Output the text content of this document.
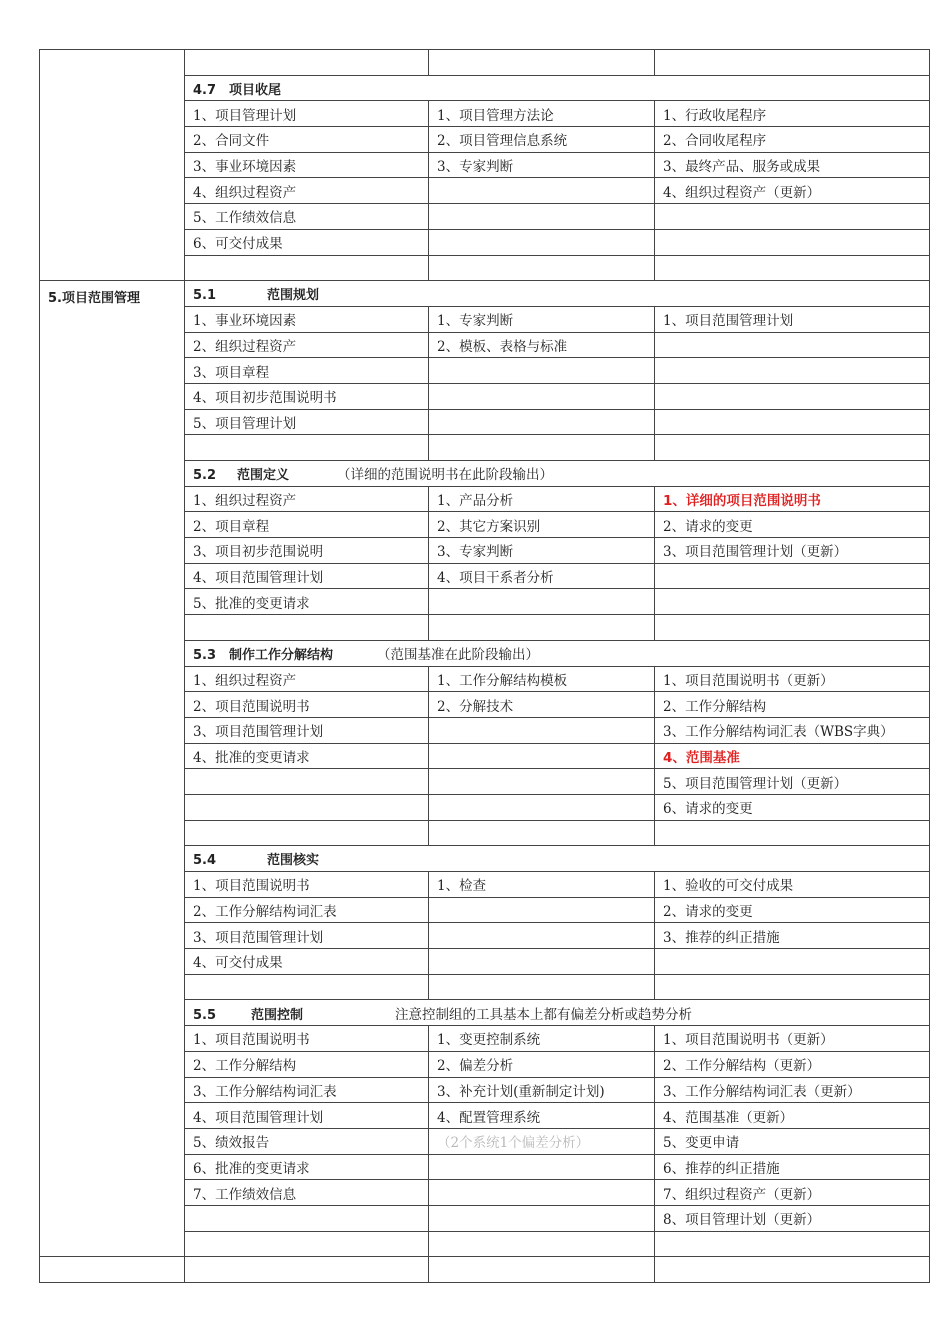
	4.7 项目收尾		
	1、项目管理计划	1、项目管理方法论	1、行政收尾程序
	2、合同文件	2、项目管理信息系统	2、合同收尾程序
	3、事业环境因素	3、专家判断	3、最终产品、服务或成果
	4、组织过程资产		4、组织过程资产（更新）
	5、工作绩效信息		
	6、可交付成果		

5.项目范围管理	5.1 范围规划		
	1、事业环境因素	1、专家判断	1、项目范围管理计划
	2、组织过程资产	2、模板、表格与标准	
	3、项目章程		
	4、项目初步范围说明书		
	5、项目管理计划		

	5.2 范围定义 （详细的范围说明书在此阶段输出）		
	1、组织过程资产	1、产品分析	1、详细的项目范围说明书
	2、项目章程	2、其它方案识别	2、请求的变更
	3、项目初步范围说明	3、专家判断	3、项目范围管理计划（更新）
	4、项目范围管理计划	4、项目干系者分析	
	5、批准的变更请求		

	5.3 制作工作分解结构 （范围基准在此阶段输出）		
	1、组织过程资产	1、工作分解结构模板	1、项目范围说明书（更新）
	2、项目范围说明书	2、分解技术	2、工作分解结构
	3、项目范围管理计划		3、工作分解结构词汇表（WBS字典）
	4、批准的变更请求		4、范围基准
			5、项目范围管理计划（更新）
			6、请求的变更

	5.4 范围核实		
	1、项目范围说明书	1、检查	1、验收的可交付成果
	2、工作分解结构词汇表		2、请求的变更
	3、项目范围管理计划		3、推荐的纠正措施
	4、可交付成果		

	5.5 范围控制 注意控制组的工具基本上都有偏差分析或趋势分析		
	1、项目范围说明书	1、变更控制系统	1、项目范围说明书（更新）
	2、工作分解结构	2、偏差分析	2、工作分解结构（更新）
	3、工作分解结构词汇表	3、补充计划(重新制定计划)	3、工作分解结构词汇表（更新）
	4、项目范围管理计划	4、配置管理系统	4、范围基准（更新）
	5、绩效报告	（2个系统1个偏差分析）	5、变更申请
	6、批准的变更请求		6、推荐的纠正措施
	7、工作绩效信息		7、组织过程资产（更新）
			8、项目管理计划（更新）
